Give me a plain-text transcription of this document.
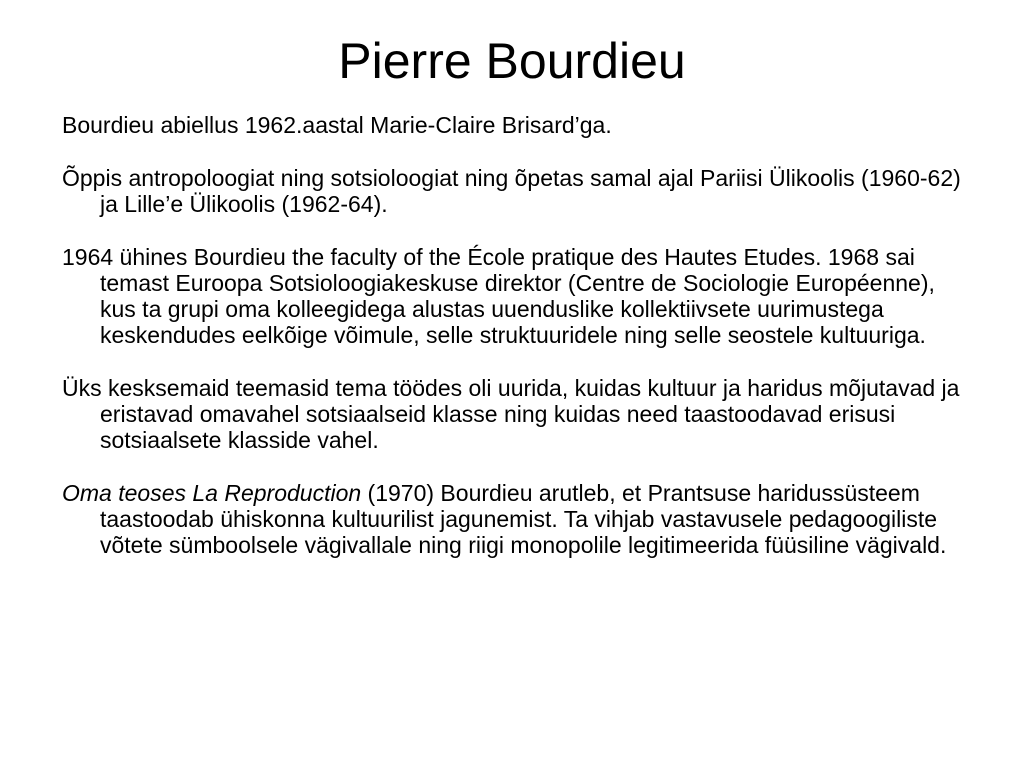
Pierre Bourdieu

Bourdieu abiellus 1962.aastal Marie-Claire Brisard’ga.

Õppis antropoloogiat ning sotsioloogiat ning õpetas samal ajal Pariisi Ülikoolis (1960-62) ja Lille’e Ülikoolis (1962-64).

1964 ühines Bourdieu the faculty of the École pratique des Hautes Etudes. 1968 sai temast Euroopa Sotsioloogiakeskuse direktor (Centre de Sociologie Européenne), kus ta grupi oma kolleegidega alustas uuenduslike kollektiivsete uurimustega keskendudes eelkõige võimule, selle struktuuridele ning selle seostele kultuuriga.

Üks kesksemaid teemasid tema töödes oli uurida, kuidas kultuur ja haridus mõjutavad ja eristavad omavahel sotsiaalseid klasse ning kuidas need taastoodavad erisusi sotsiaalsete klasside vahel.

Oma teoses La Reproduction (1970) Bourdieu arutleb, et Prantsuse haridussüsteem taastoodab ühiskonna kultuurilist jagunemist. Ta vihjab vastavusele pedagoogiliste võtete sümboolsele vägivallale ning riigi monopolile legitimeerida füüsiline vägivald.
